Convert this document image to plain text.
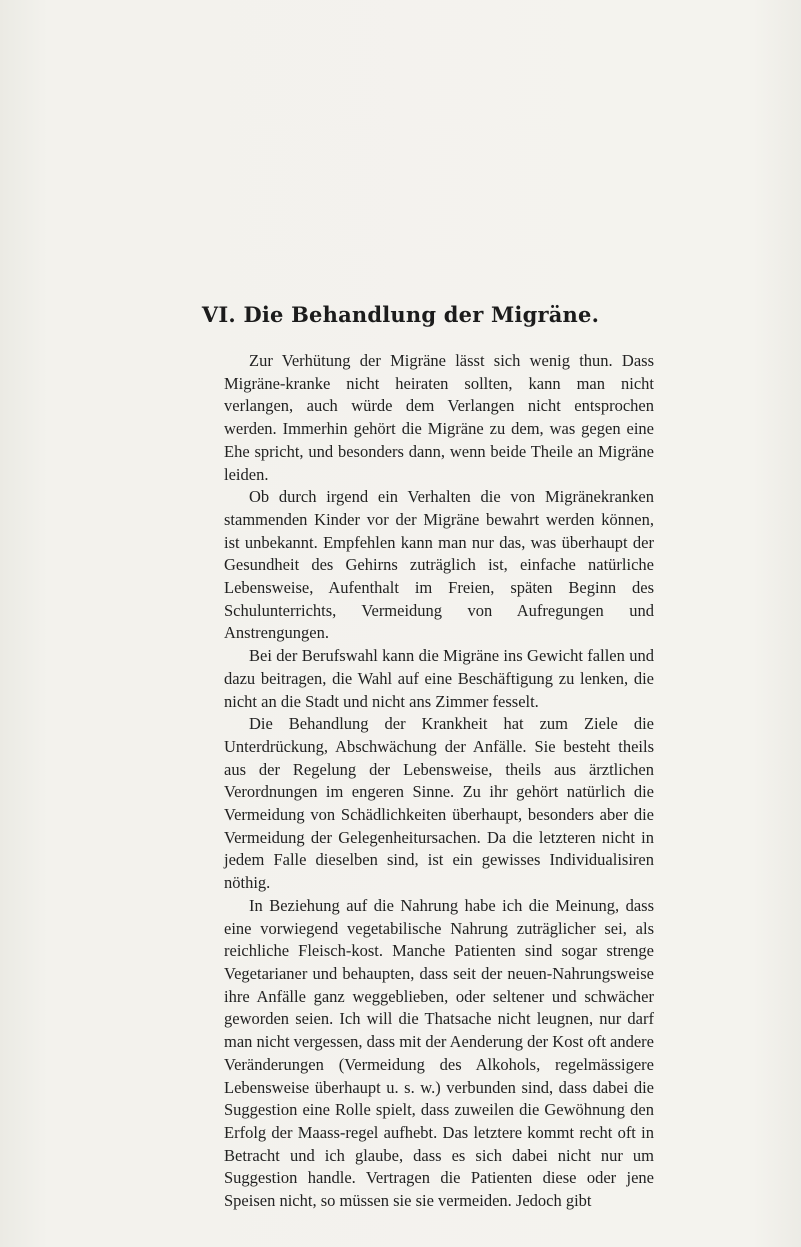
VI. Die Behandlung der Migräne.

Zur Verhütung der Migräne lässt sich wenig thun. Dass Migräne-kranke nicht heiraten sollten, kann man nicht verlangen, auch würde dem Verlangen nicht entsprochen werden. Immerhin gehört die Migräne zu dem, was gegen eine Ehe spricht, und besonders dann, wenn beide Theile an Migräne leiden.

Ob durch irgend ein Verhalten die von Migränekranken stammenden Kinder vor der Migräne bewahrt werden können, ist unbekannt. Empfehlen kann man nur das, was überhaupt der Gesundheit des Gehirns zuträglich ist, einfache natürliche Lebensweise, Aufenthalt im Freien, späten Beginn des Schulunterrichts, Vermeidung von Aufregungen und Anstrengungen.

Bei der Berufswahl kann die Migräne ins Gewicht fallen und dazu beitragen, die Wahl auf eine Beschäftigung zu lenken, die nicht an die Stadt und nicht ans Zimmer fesselt.

Die Behandlung der Krankheit hat zum Ziele die Unterdrückung, Abschwächung der Anfälle. Sie besteht theils aus der Regelung der Lebensweise, theils aus ärztlichen Verordnungen im engeren Sinne. Zu ihr gehört natürlich die Vermeidung von Schädlichkeiten überhaupt, besonders aber die Vermeidung der Gelegenheitursachen. Da die letzteren nicht in jedem Falle dieselben sind, ist ein gewisses Individualisiren nöthig.

In Beziehung auf die Nahrung habe ich die Meinung, dass eine vorwiegend vegetabilische Nahrung zuträglicher sei, als reichliche Fleisch-kost. Manche Patienten sind sogar strenge Vegetarianer und behaupten, dass seit der neuen-Nahrungsweise ihre Anfälle ganz weggeblieben, oder seltener und schwächer geworden seien. Ich will die Thatsache nicht leugnen, nur darf man nicht vergessen, dass mit der Aenderung der Kost oft andere Veränderungen (Vermeidung des Alkohols, regelmässigere Lebensweise überhaupt u. s. w.) verbunden sind, dass dabei die Suggestion eine Rolle spielt, dass zuweilen die Gewöhnung den Erfolg der Maass-regel aufhebt. Das letztere kommt recht oft in Betracht und ich glaube, dass es sich dabei nicht nur um Suggestion handle. Vertragen die Patienten diese oder jene Speisen nicht, so müssen sie sie vermeiden. Jedoch gibt
